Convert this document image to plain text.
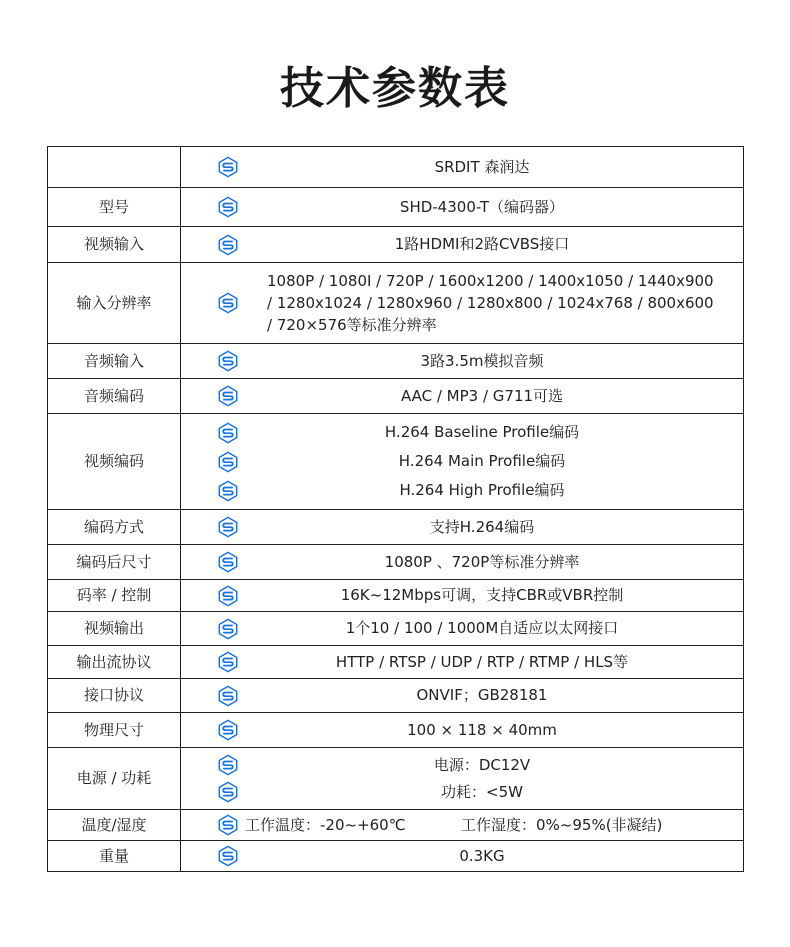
技术参数表

	SRDIT 森润达

型号	SHD-4300-T（编码器）

视频输入	1路HDMI和2路CVBS接口

输入分辨率	1080P / 1080I / 720P / 1600x1200 / 1400x1050 / 1440x900 / 1280x1024 / 1280x960 / 1280x800 / 1024x768 / 800x600 / 720×576等标准分辨率

音频输入	3路3.5m模拟音频

音频编码	AAC / MP3 / G711可选

视频编码	H.264 Baseline Profile编码
H.264 Main Profile编码
H.264 High Profile编码

编码方式	支持H.264编码

编码后尺寸	1080P 、720P等标准分辨率

码率 / 控制	16K~12Mbps可调，支持CBR或VBR控制

视频输出	1个10 / 100 / 1000M自适应以太网接口

输出流协议	HTTP / RTSP / UDP / RTP / RTMP / HLS等

接口协议	ONVIF；GB28181

物理尺寸	100 × 118 × 40mm

电源 / 功耗	电源：DC12V
功耗：<5W

温度/湿度	工作温度：-20~+60℃ 工作湿度：0%~95%(非凝结)

重量	0.3KG
